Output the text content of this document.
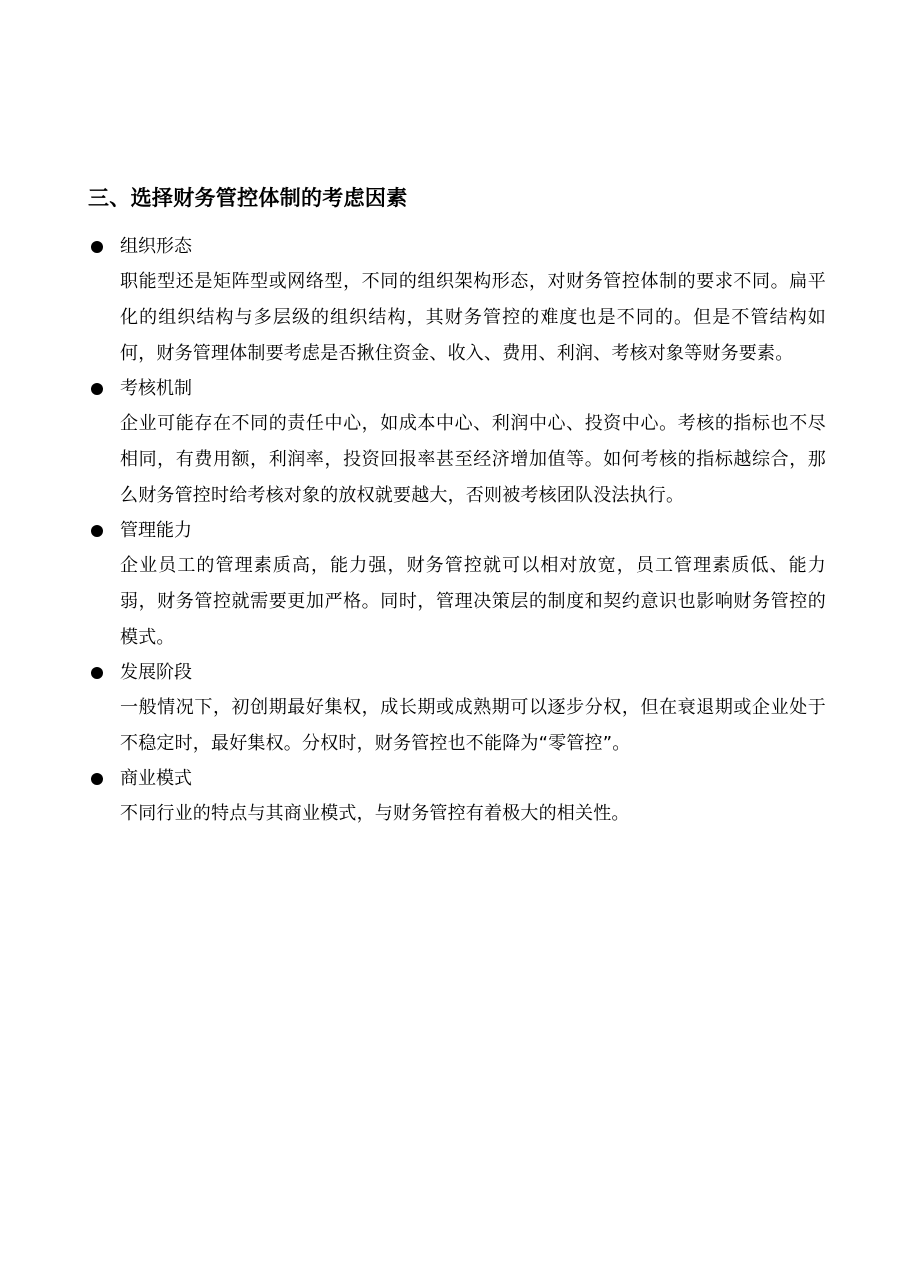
三、选择财务管控体制的考虑因素
组织形态

职能型还是矩阵型或网络型，不同的组织架构形态，对财务管控体制的要求不同。扁平化的组织结构与多层级的组织结构，其财务管控的难度也是不同的。但是不管结构如何，财务管理体制要考虑是否揪住资金、收入、费用、利润、考核对象等财务要素。

考核机制

企业可能存在不同的责任中心，如成本中心、利润中心、投资中心。考核的指标也不尽相同，有费用额，利润率，投资回报率甚至经济增加值等。如何考核的指标越综合，那么财务管控时给考核对象的放权就要越大，否则被考核团队没法执行。

管理能力

企业员工的管理素质高，能力强，财务管控就可以相对放宽，员工管理素质低、能力弱，财务管控就需要更加严格。同时，管理决策层的制度和契约意识也影响财务管控的模式。

发展阶段

一般情况下，初创期最好集权，成长期或成熟期可以逐步分权，但在衰退期或企业处于不稳定时，最好集权。分权时，财务管控也不能降为“零管控”。

商业模式

不同行业的特点与其商业模式，与财务管控有着极大的相关性。
